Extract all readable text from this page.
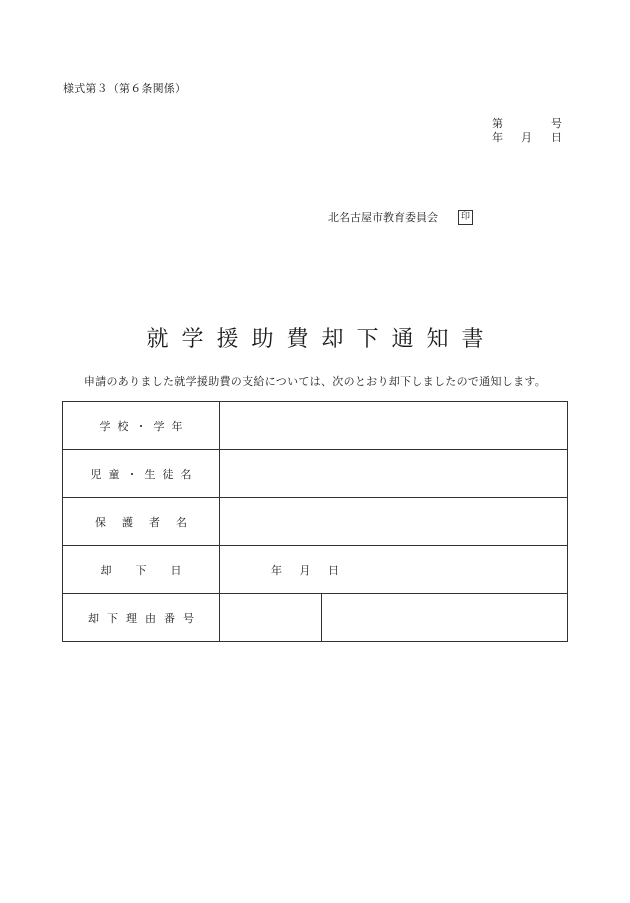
様式第３（第６条関係）
第	号
年 月 日
北名古屋市教育委員会	印
就学援助費却下通知書
申請のありました就学援助費の支給については、次のとおり却下しましたので通知します。
学校・学年		
児童・生徒名		
保護者名		
却下日	年 月 日	
却下理由番号		
